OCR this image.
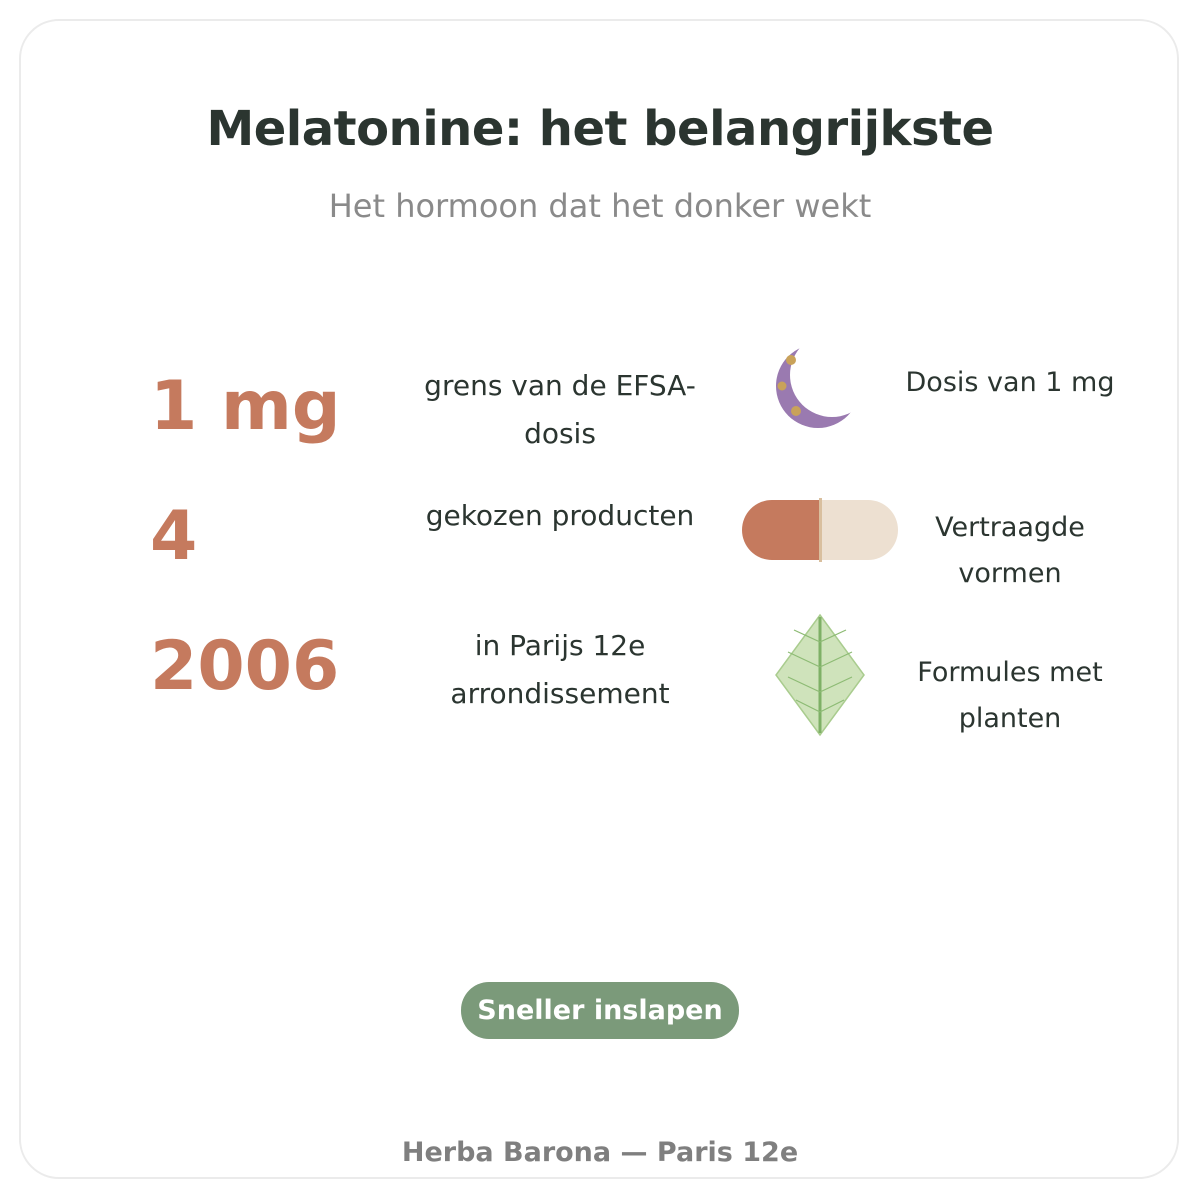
Melatonine: het belangrijkste
Het hormoon dat het donker wekt
1 mg	grens van de EFSA-dosis
4	gekozen producten
2006	in Parijs 12e arrondissement
Dosis van 1 mg
Vertraagde vormen
Formules met planten
Sneller inslapen
Herba Barona — Paris 12e
